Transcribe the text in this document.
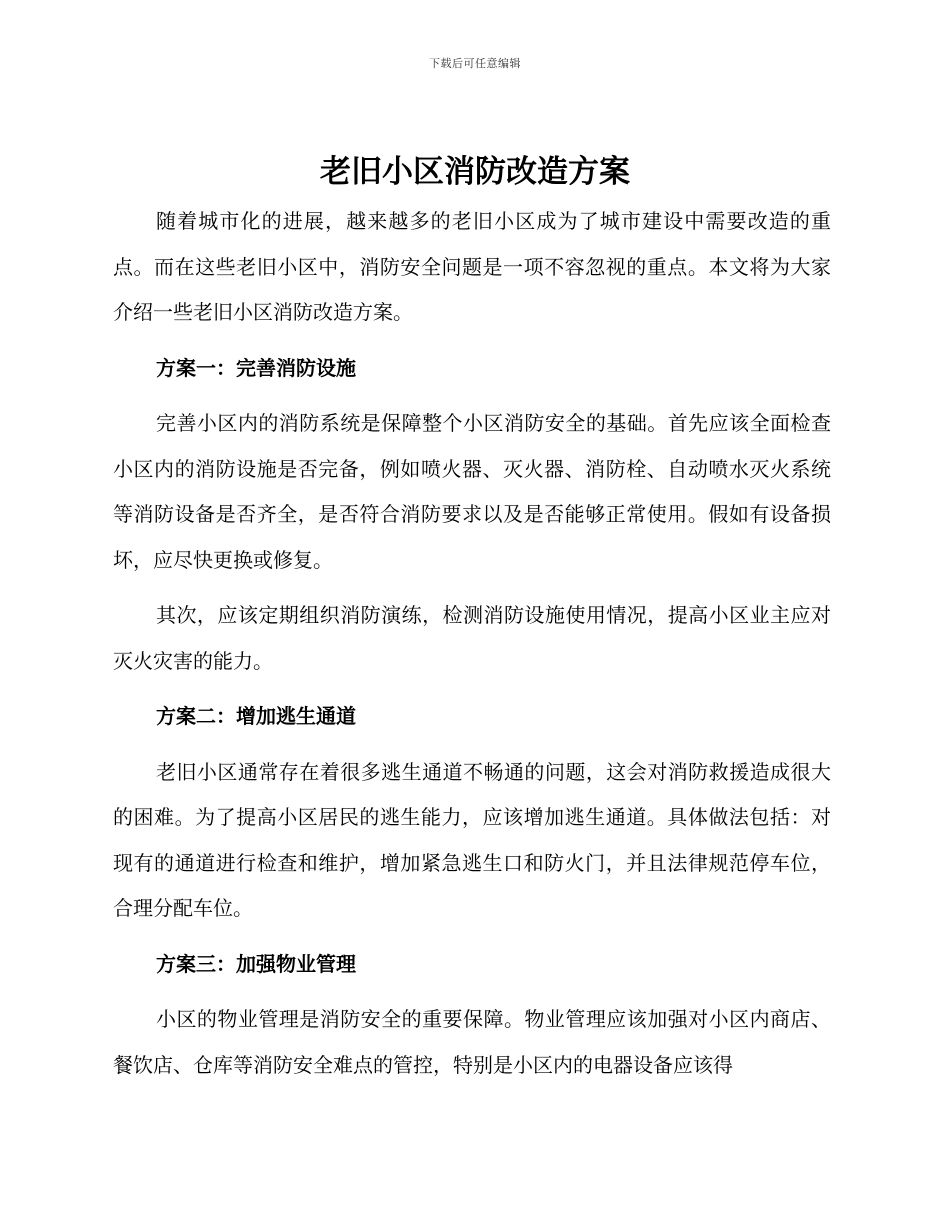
下载后可任意编辑
老旧小区消防改造方案

随着城市化的进展，越来越多的老旧小区成为了城市建设中需要改造的重点。而在这些老旧小区中，消防安全问题是一项不容忽视的重点。本文将为大家介绍一些老旧小区消防改造方案。

方案一：完善消防设施

完善小区内的消防系统是保障整个小区消防安全的基础。首先应该全面检查小区内的消防设施是否完备，例如喷火器、灭火器、消防栓、自动喷水灭火系统等消防设备是否齐全，是否符合消防要求以及是否能够正常使用。假如有设备损坏，应尽快更换或修复。

其次，应该定期组织消防演练，检测消防设施使用情况，提高小区业主应对灭火灾害的能力。

方案二：增加逃生通道

老旧小区通常存在着很多逃生通道不畅通的问题，这会对消防救援造成很大的困难。为了提高小区居民的逃生能力，应该增加逃生通道。具体做法包括：对现有的通道进行检查和维护，增加紧急逃生口和防火门，并且法律规范停车位，合理分配车位。

方案三：加强物业管理

小区的物业管理是消防安全的重要保障。物业管理应该加强对小区内商店、餐饮店、仓库等消防安全难点的管控，特别是小区内的电器设备应该得
